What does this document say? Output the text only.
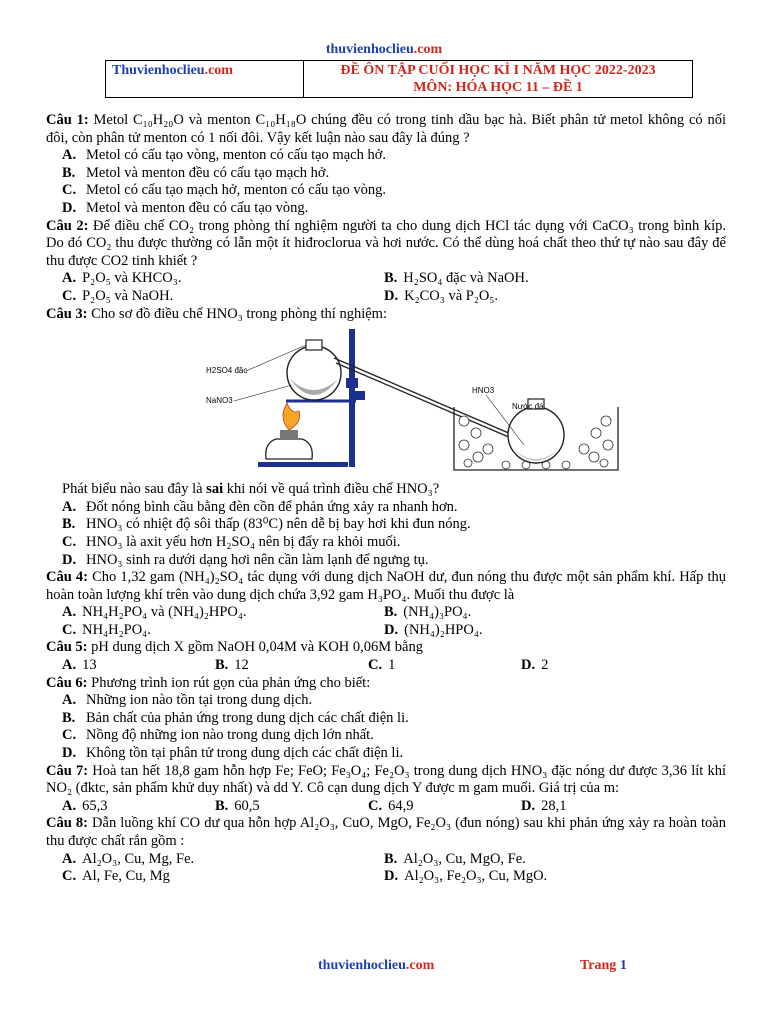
thuvienhoclieu.com
Thuvienhoclieu.com	ĐỀ ÔN TẬP CUỐI HỌC KÌ I NĂM HỌC 2022-2023
MÔN: HÓA HỌC 11 – ĐỀ 1

Câu 1: Metol C₁₀H₂₀O và menton C₁₀H₁₈O chúng đều có trong tinh dầu bạc hà. Biết phân tử metol không có nối đôi, còn phân tử menton có 1 nối đôi. Vậy kết luận nào sau đây là đúng ?

A. Metol có cấu tạo vòng, menton có cấu tạo mạch hở.

B. Metol và menton đều có cấu tạo mạch hở.

C. Metol có cấu tạo mạch hở, menton có cấu tạo vòng.

D. Metol và menton đều có cấu tạo vòng.

Câu 2: Để điều chế CO₂ trong phòng thí nghiệm người ta cho dung dịch HCl tác dụng với CaCO₃ trong bình kíp. Do đó CO₂ thu được thường có lẫn một ít hiđroclorua và hơi nước. Có thể dùng hoá chất theo thứ tự nào sau đây để thu được CO2 tinh khiết ?

A. P₂O₅ và KHCO₃.	B. H₂SO₄ đặc và NaOH.
C. P₂O₅ và NaOH.	D. K₂CO₃ và P₂O₅.

Câu 3: Cho sơ đồ điều chế HNO₃ trong phòng thí nghiệm:

H2SO4 đặc
NaNO3
HNO3
Nước đá

Phát biểu nào sau đây là sai khi nói về quá trình điều chế HNO₃?

A. Đốt nóng bình cầu bằng đèn cồn để phản ứng xảy ra nhanh hơn.

B. HNO₃ có nhiệt độ sôi thấp (83⁰C) nên dễ bị bay hơi khi đun nóng.

C. HNO₃ là axit yếu hơn H₂SO₄ nên bị đẩy ra khỏi muối.

D. HNO₃ sinh ra dưới dạng hơi nên cần làm lạnh để ngưng tụ.

Câu 4: Cho 1,32 gam (NH₄)₂SO₄ tác dụng với dung dịch NaOH dư, đun nóng thu được một sản phẩm khí. Hấp thụ hoàn toàn lượng khí trên vào dung dịch chứa 3,92 gam H₃PO₄. Muối thu được là

A. NH₄H₂PO₄ và (NH₄)₂HPO₄.	B. (NH₄)₃PO₄.
C. NH₄H₂PO₄.	D. (NH₄)₂HPO₄.

Câu 5: pH dung dịch X gồm NaOH 0,04M và KOH 0,06M bằng

A. 13	B. 12	C. 1	D. 2

Câu 6: Phương trình ion rút gọn của phản ứng cho biết:

A. Những ion nào tồn tại trong dung dịch.

B. Bản chất của phản ứng trong dung dịch các chất điện li.

C. Nồng độ những ion nào trong dung dịch lớn nhất.

D. Không tồn tại phân tử trong dung dịch các chất điện li.

Câu 7: Hoà tan hết 18,8 gam hỗn hợp Fe; FeO; Fe₃O₄; Fe₂O₃ trong dung dịch HNO₃ đặc nóng dư được 3,36 lít khí NO₂ (đktc, sản phẩm khử duy nhất) và dd Y. Cô cạn dung dịch Y được m gam muối. Giá trị của m:

A. 65,3	B. 60,5	C. 64,9	D. 28,1

Câu 8: Dẫn luồng khí CO dư qua hỗn hợp Al₂O₃, CuO, MgO, Fe₂O₃ (đun nóng) sau khi phản ứng xảy ra hoàn toàn thu được chất rắn gồm :

A. Al₂O₃, Cu, Mg, Fe.	B. Al₂O₃, Cu, MgO, Fe.
C. Al, Fe, Cu, Mg	D. Al₂O₃, Fe₂O₃, Cu, MgO.
thuvienhoclieu.com	Trang 1
